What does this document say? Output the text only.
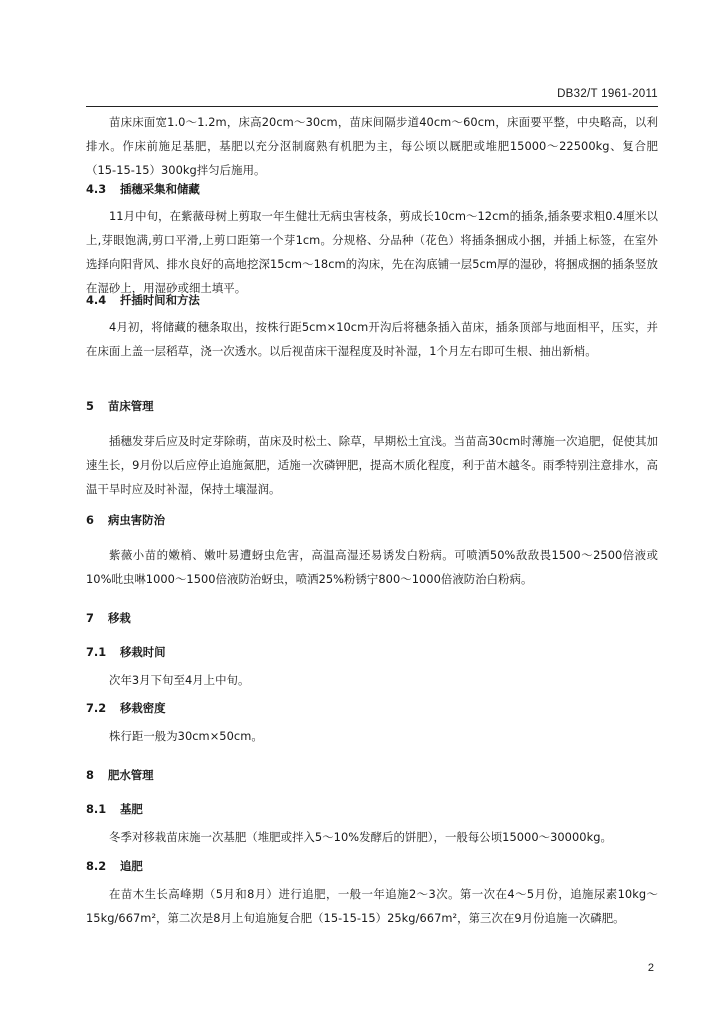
DB32/T 1961-2011

苗床床面宽1.0～1.2m，床高20cm～30cm，苗床间隔步道40cm～60cm，床面要平整，中央略高，以利排水。作床前施足基肥，基肥以充分沤制腐熟有机肥为主，每公顷以厩肥或堆肥15000～22500kg、复合肥（15-15-15）300kg拌匀后施用。

4.3 插穗采集和储藏

11月中旬，在紫薇母树上剪取一年生健壮无病虫害枝条，剪成长10cm～12cm的插条,插条要求粗0.4厘米以上,芽眼饱满,剪口平滑,上剪口距第一个芽1cm。分规格、分品种（花色）将插条捆成小捆，并插上标签，在室外选择向阳背风、排水良好的高地挖深15cm～18cm的沟床，先在沟底铺一层5cm厚的湿砂，将捆成捆的插条竖放在湿砂上，用湿砂或细土填平。

4.4 扦插时间和方法

4月初，将储藏的穗条取出，按株行距5cm×10cm开沟后将穗条插入苗床，插条顶部与地面相平，压实，并在床面上盖一层稻草，浇一次透水。以后视苗床干湿程度及时补湿，1个月左右即可生根、抽出新梢。

5 苗床管理

插穗发芽后应及时定芽除萌，苗床及时松土、除草，早期松土宜浅。当苗高30cm时薄施一次追肥，促使其加速生长，9月份以后应停止追施氮肥，适施一次磷钾肥，提高木质化程度，利于苗木越冬。雨季特别注意排水，高温干旱时应及时补湿，保持土壤湿润。

6 病虫害防治

紫薇小苗的嫩梢、嫩叶易遭蚜虫危害，高温高湿还易诱发白粉病。可喷洒50%敌敌畏1500～2500倍液或10%吡虫啉1000～1500倍液防治蚜虫，喷洒25%粉锈宁800～1000倍液防治白粉病。

7 移栽
7.1 移栽时间

次年3月下旬至4月上中旬。

7.2 移栽密度

株行距一般为30cm×50cm。

8 肥水管理
8.1 基肥

冬季对移栽苗床施一次基肥（堆肥或拌入5～10%发酵后的饼肥），一般每公顷15000～30000kg。

8.2 追肥

在苗木生长高峰期（5月和8月）进行追肥，一般一年追施2～3次。第一次在4～5月份，追施尿素10kg～15kg/667m²，第二次是8月上旬追施复合肥（15-15-15）25kg/667m²，第三次在9月份追施一次磷肥。

2
